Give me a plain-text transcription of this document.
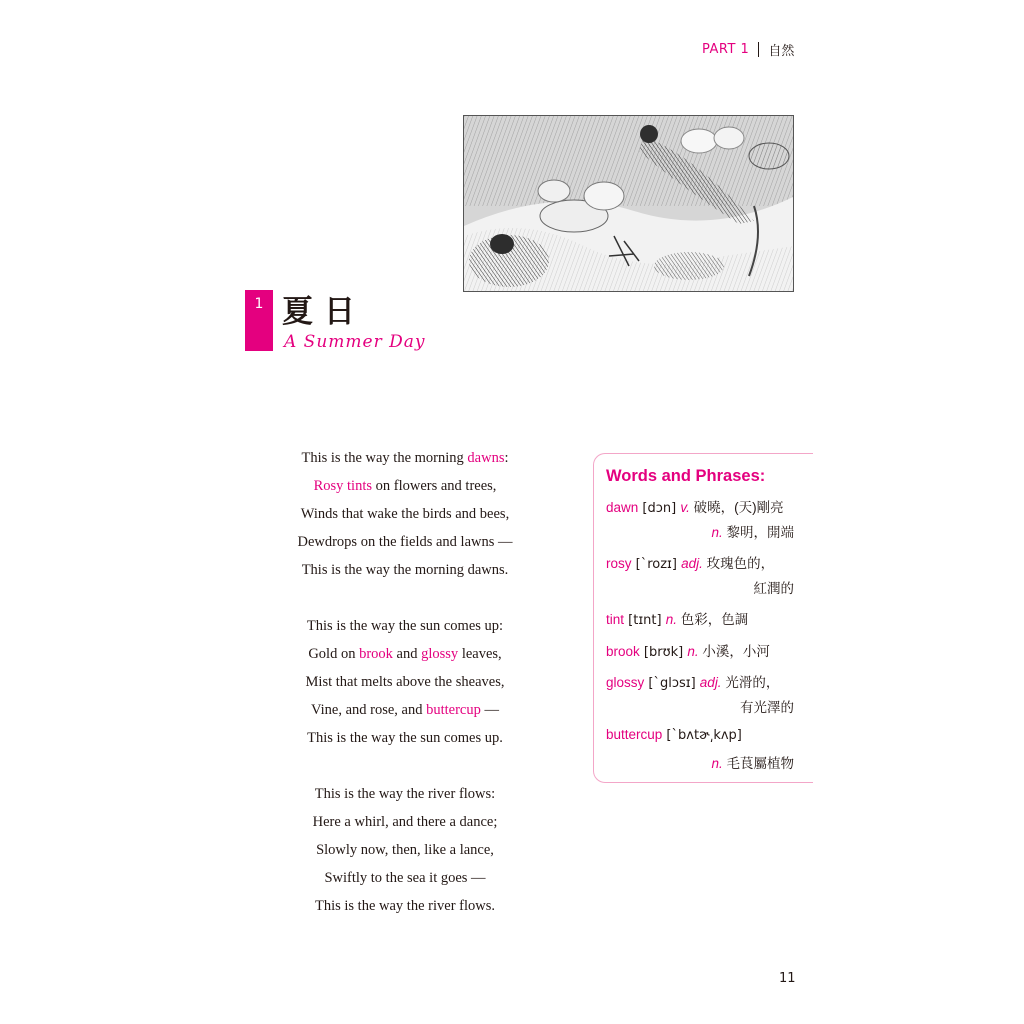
PART 1 自然
1 夏日
A Summer Day
This is the way the morning dawns:
Rosy tints on flowers and trees,
Winds that wake the birds and bees,
Dewdrops on the fields and lawns —
This is the way the morning dawns.
This is the way the sun comes up:
Gold on brook and glossy leaves,
Mist that melts above the sheaves,
Vine, and rose, and buttercup —
This is the way the sun comes up.
This is the way the river flows:
Here a whirl, and there a dance;
Slowly now, then, like a lance,
Swiftly to the sea it goes —
This is the way the river flows.
Words and Phrases:
dawn [dɔn] v. 破曉，(天)剛亮
n. 黎明，開端
rosy [`rozɪ] adj. 玫瑰色的，
紅潤的
tint [tɪnt] n. 色彩，色調
brook [brʊk] n. 小溪，小河
glossy [`glɔsɪ] adj. 光滑的，
有光澤的
buttercup [`bʌtɚ͵kʌp]
n. 毛茛屬植物
11
